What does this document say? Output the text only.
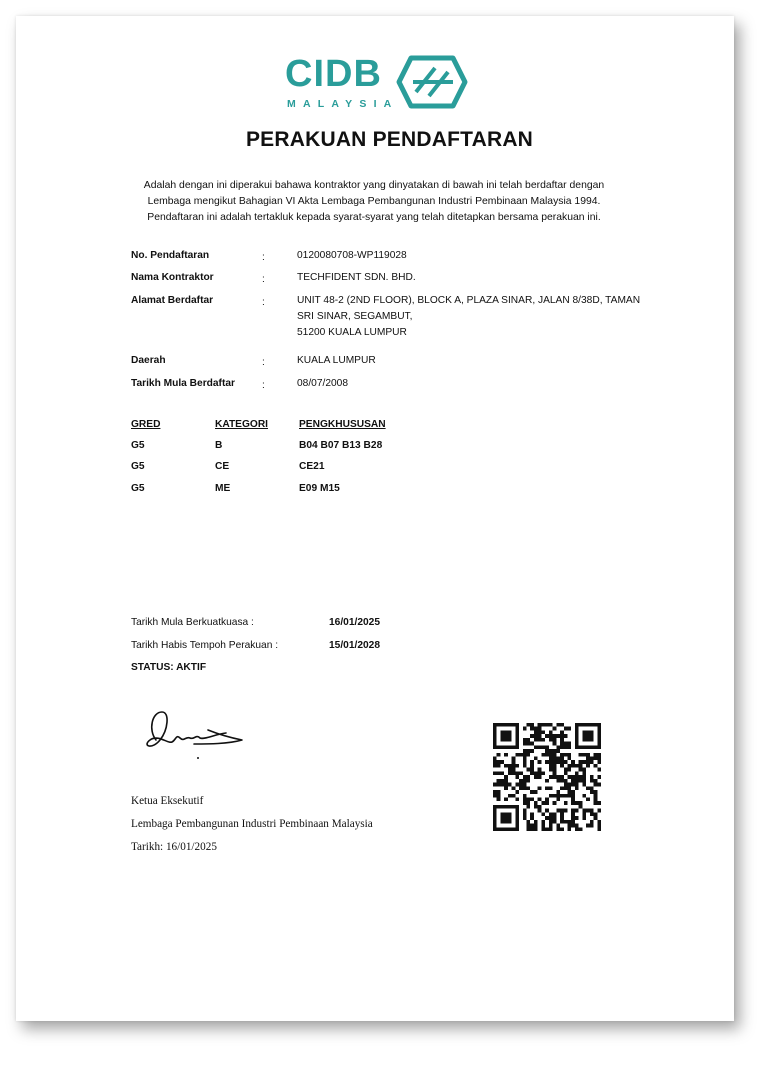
CIDB
MALAYSIA
PERAKUAN PENDAFTARAN
Adalah dengan ini diperakui bahawa kontraktor yang dinyatakan di bawah ini telah berdaftar dengan
Lembaga mengikut Bahagian VI Akta Lembaga Pembangunan Industri Pembinaan Malaysia 1994.
Pendaftaran ini adalah tertakluk kepada syarat-syarat yang telah ditetapkan bersama perakuan ini.
No. Pendaftaran	:	0120080708-WP119028
Nama Kontraktor	:	TECHFIDENT SDN. BHD.
Alamat Berdaftar	:	UNIT 48-2 (2ND FLOOR), BLOCK A, PLAZA SINAR, JALAN 8/38D, TAMAN
SRI SINAR, SEGAMBUT,
51200 KUALA LUMPUR
Daerah	:	KUALA LUMPUR
Tarikh Mula Berdaftar	:	08/07/2008
GRED	KATEGORI	PENGKHUSUSAN
G5	B	B04 B07 B13 B28
G5	CE	CE21
G5	ME	E09 M15
Tarikh Mula Berkuatkuasa :	16/01/2025
Tarikh Habis Tempoh Perakuan :	15/01/2028
STATUS: AKTIF
Ketua Eksekutif
Lembaga Pembangunan Industri Pembinaan Malaysia
Tarikh: 16/01/2025
